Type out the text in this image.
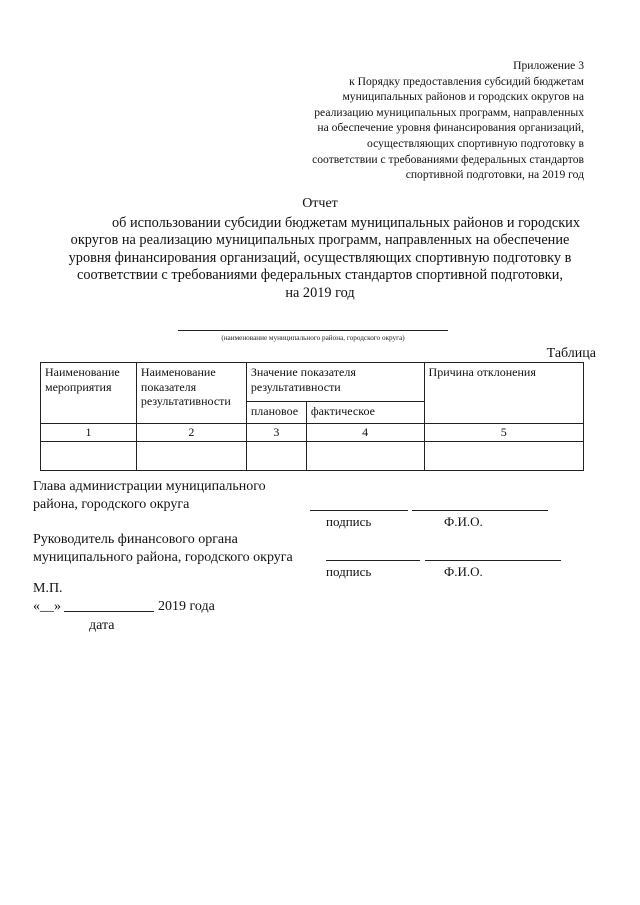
Приложение 3
к Порядку предоставления субсидий бюджетам
муниципальных районов и городских округов на
реализацию муниципальных программ, направленных
на обеспечение уровня финансирования организаций,
осуществляющих спортивную подготовку в
соответствии с требованиями федеральных стандартов
спортивной подготовки, на 2019 год
Отчет
об использовании субсидии бюджетам муниципальных районов и городских
округов на реализацию муниципальных программ, направленных на обеспечение
уровня финансирования организаций, осуществляющих спортивную подготовку в
соответствии с требованиями федеральных стандартов спортивной подготовки,
на 2019 год
(наименование муниципального района, городского округа)
Таблица
Наименование мероприятия	Наименование показателя результативности	Значение показателя результативности		Причина отклонения
		плановое	фактическое	
1	2	3	4	5

Глава администрации муниципального
района, городского округа
подпись	Ф.И.О.
Руководитель финансового органа
муниципального района, городского округа
подпись	Ф.И.О.
М.П.
«__»	2019 года
дата
